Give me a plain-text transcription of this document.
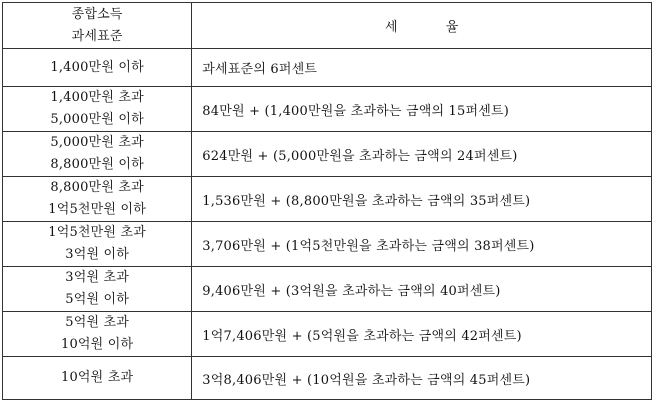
종합소득
과세표준	세 율

1,400만원 이하	과세표준의 6퍼센트

1,400만원 초과
5,000만원 이하	84만원 + (1,400만원을 초과하는 금액의 15퍼센트)

5,000만원 초과
8,800만원 이하	624만원 + (5,000만원을 초과하는 금액의 24퍼센트)

8,800만원 초과
1억5천만원 이하	1,536만원 + (8,800만원을 초과하는 금액의 35퍼센트)

1억5천만원 초과
3억원 이하	3,706만원 + (1억5천만원을 초과하는 금액의 38퍼센트)

3억원 초과
5억원 이하	9,406만원 + (3억원을 초과하는 금액의 40퍼센트)

5억원 초과
10억원 이하	1억7,406만원 + (5억원을 초과하는 금액의 42퍼센트)

10억원 초과	3억8,406만원 + (10억원을 초과하는 금액의 45퍼센트)
